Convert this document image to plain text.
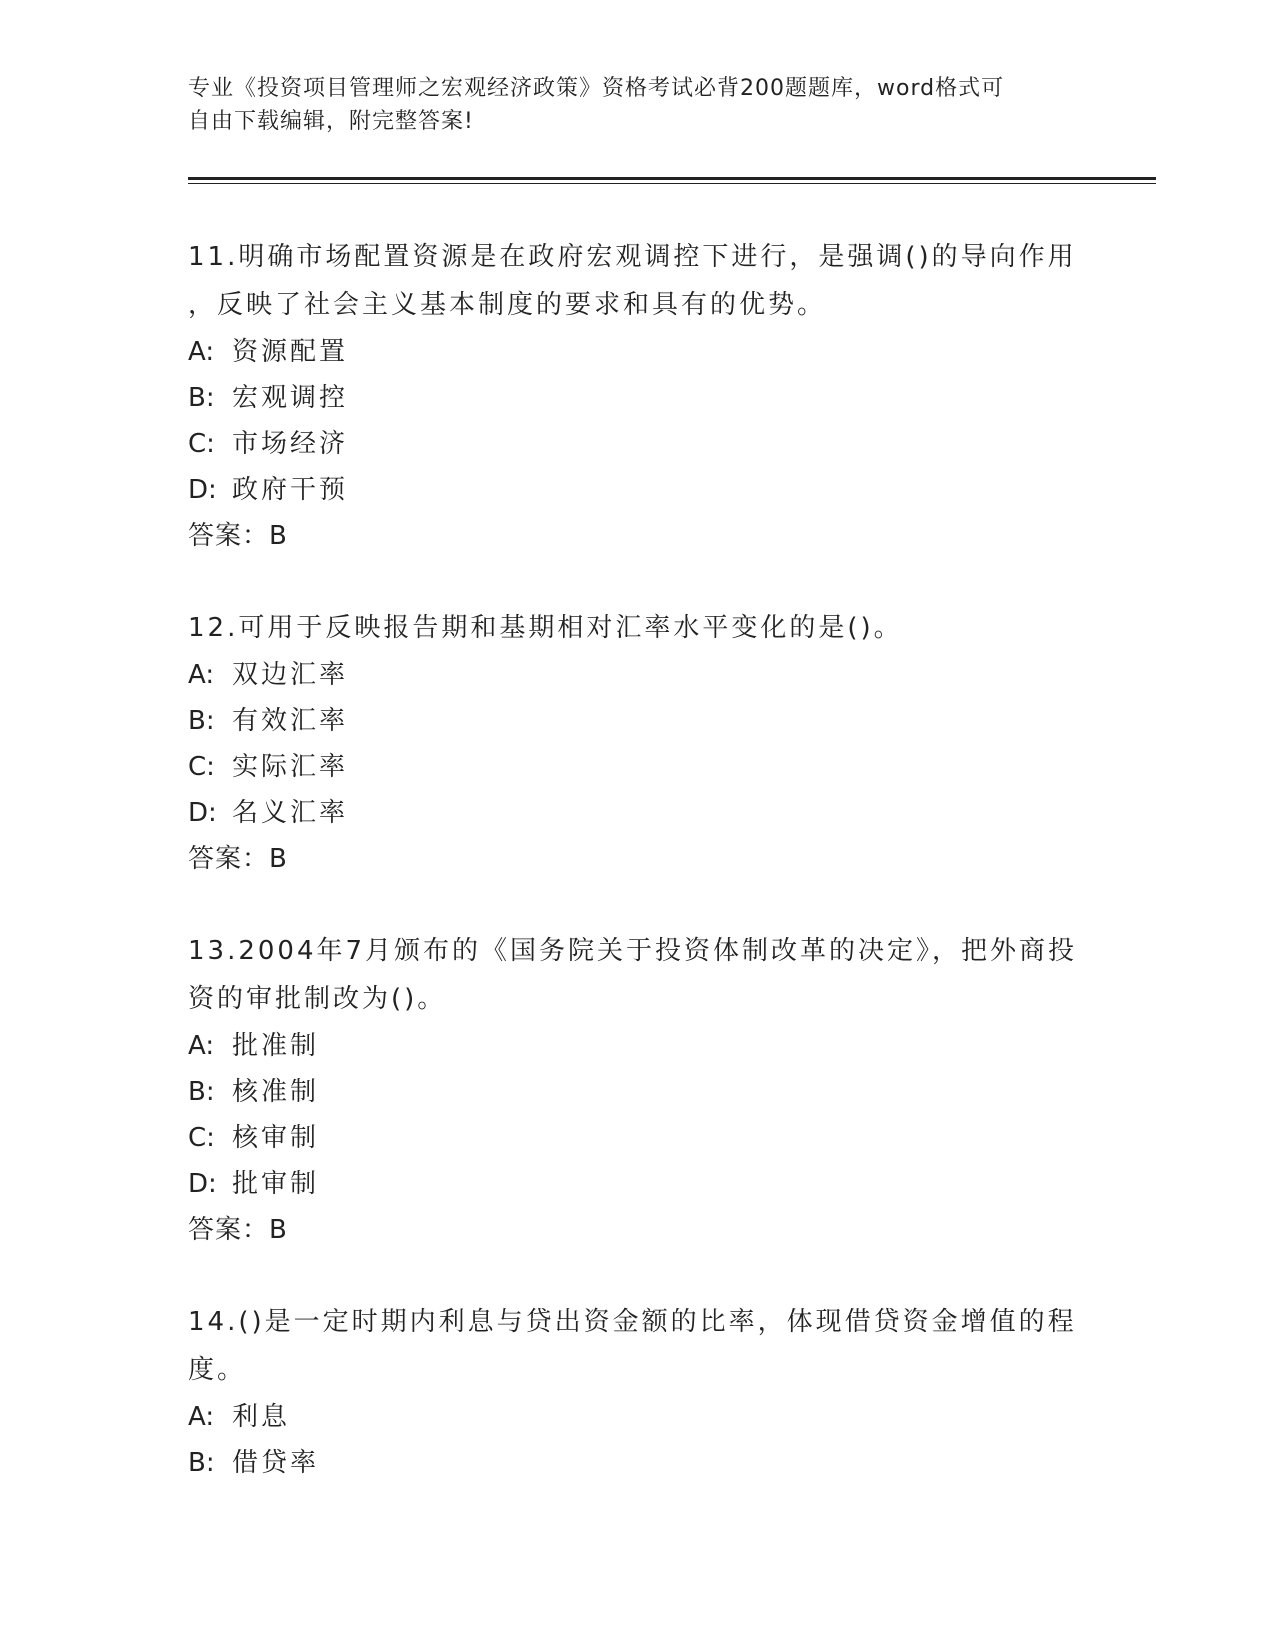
专业《投资项目管理师之宏观经济政策》资格考试必背200题题库，word格式可
自由下载编辑，附完整答案!

11.明确市场配置资源是在政府宏观调控下进行，是强调()的导向作用

，反映了社会主义基本制度的要求和具有的优势。

A: 资源配置

B: 宏观调控

C: 市场经济

D: 政府干预

答案：B

12.可用于反映报告期和基期相对汇率水平变化的是()。

A: 双边汇率

B: 有效汇率

C: 实际汇率

D: 名义汇率

答案：B

13.2004年7月颁布的《国务院关于投资体制改革的决定》，把外商投

资的审批制改为()。

A: 批准制

B: 核准制

C: 核审制

D: 批审制

答案：B

14.()是一定时期内利息与贷出资金额的比率，体现借贷资金增值的程

度。

A: 利息

B: 借贷率
